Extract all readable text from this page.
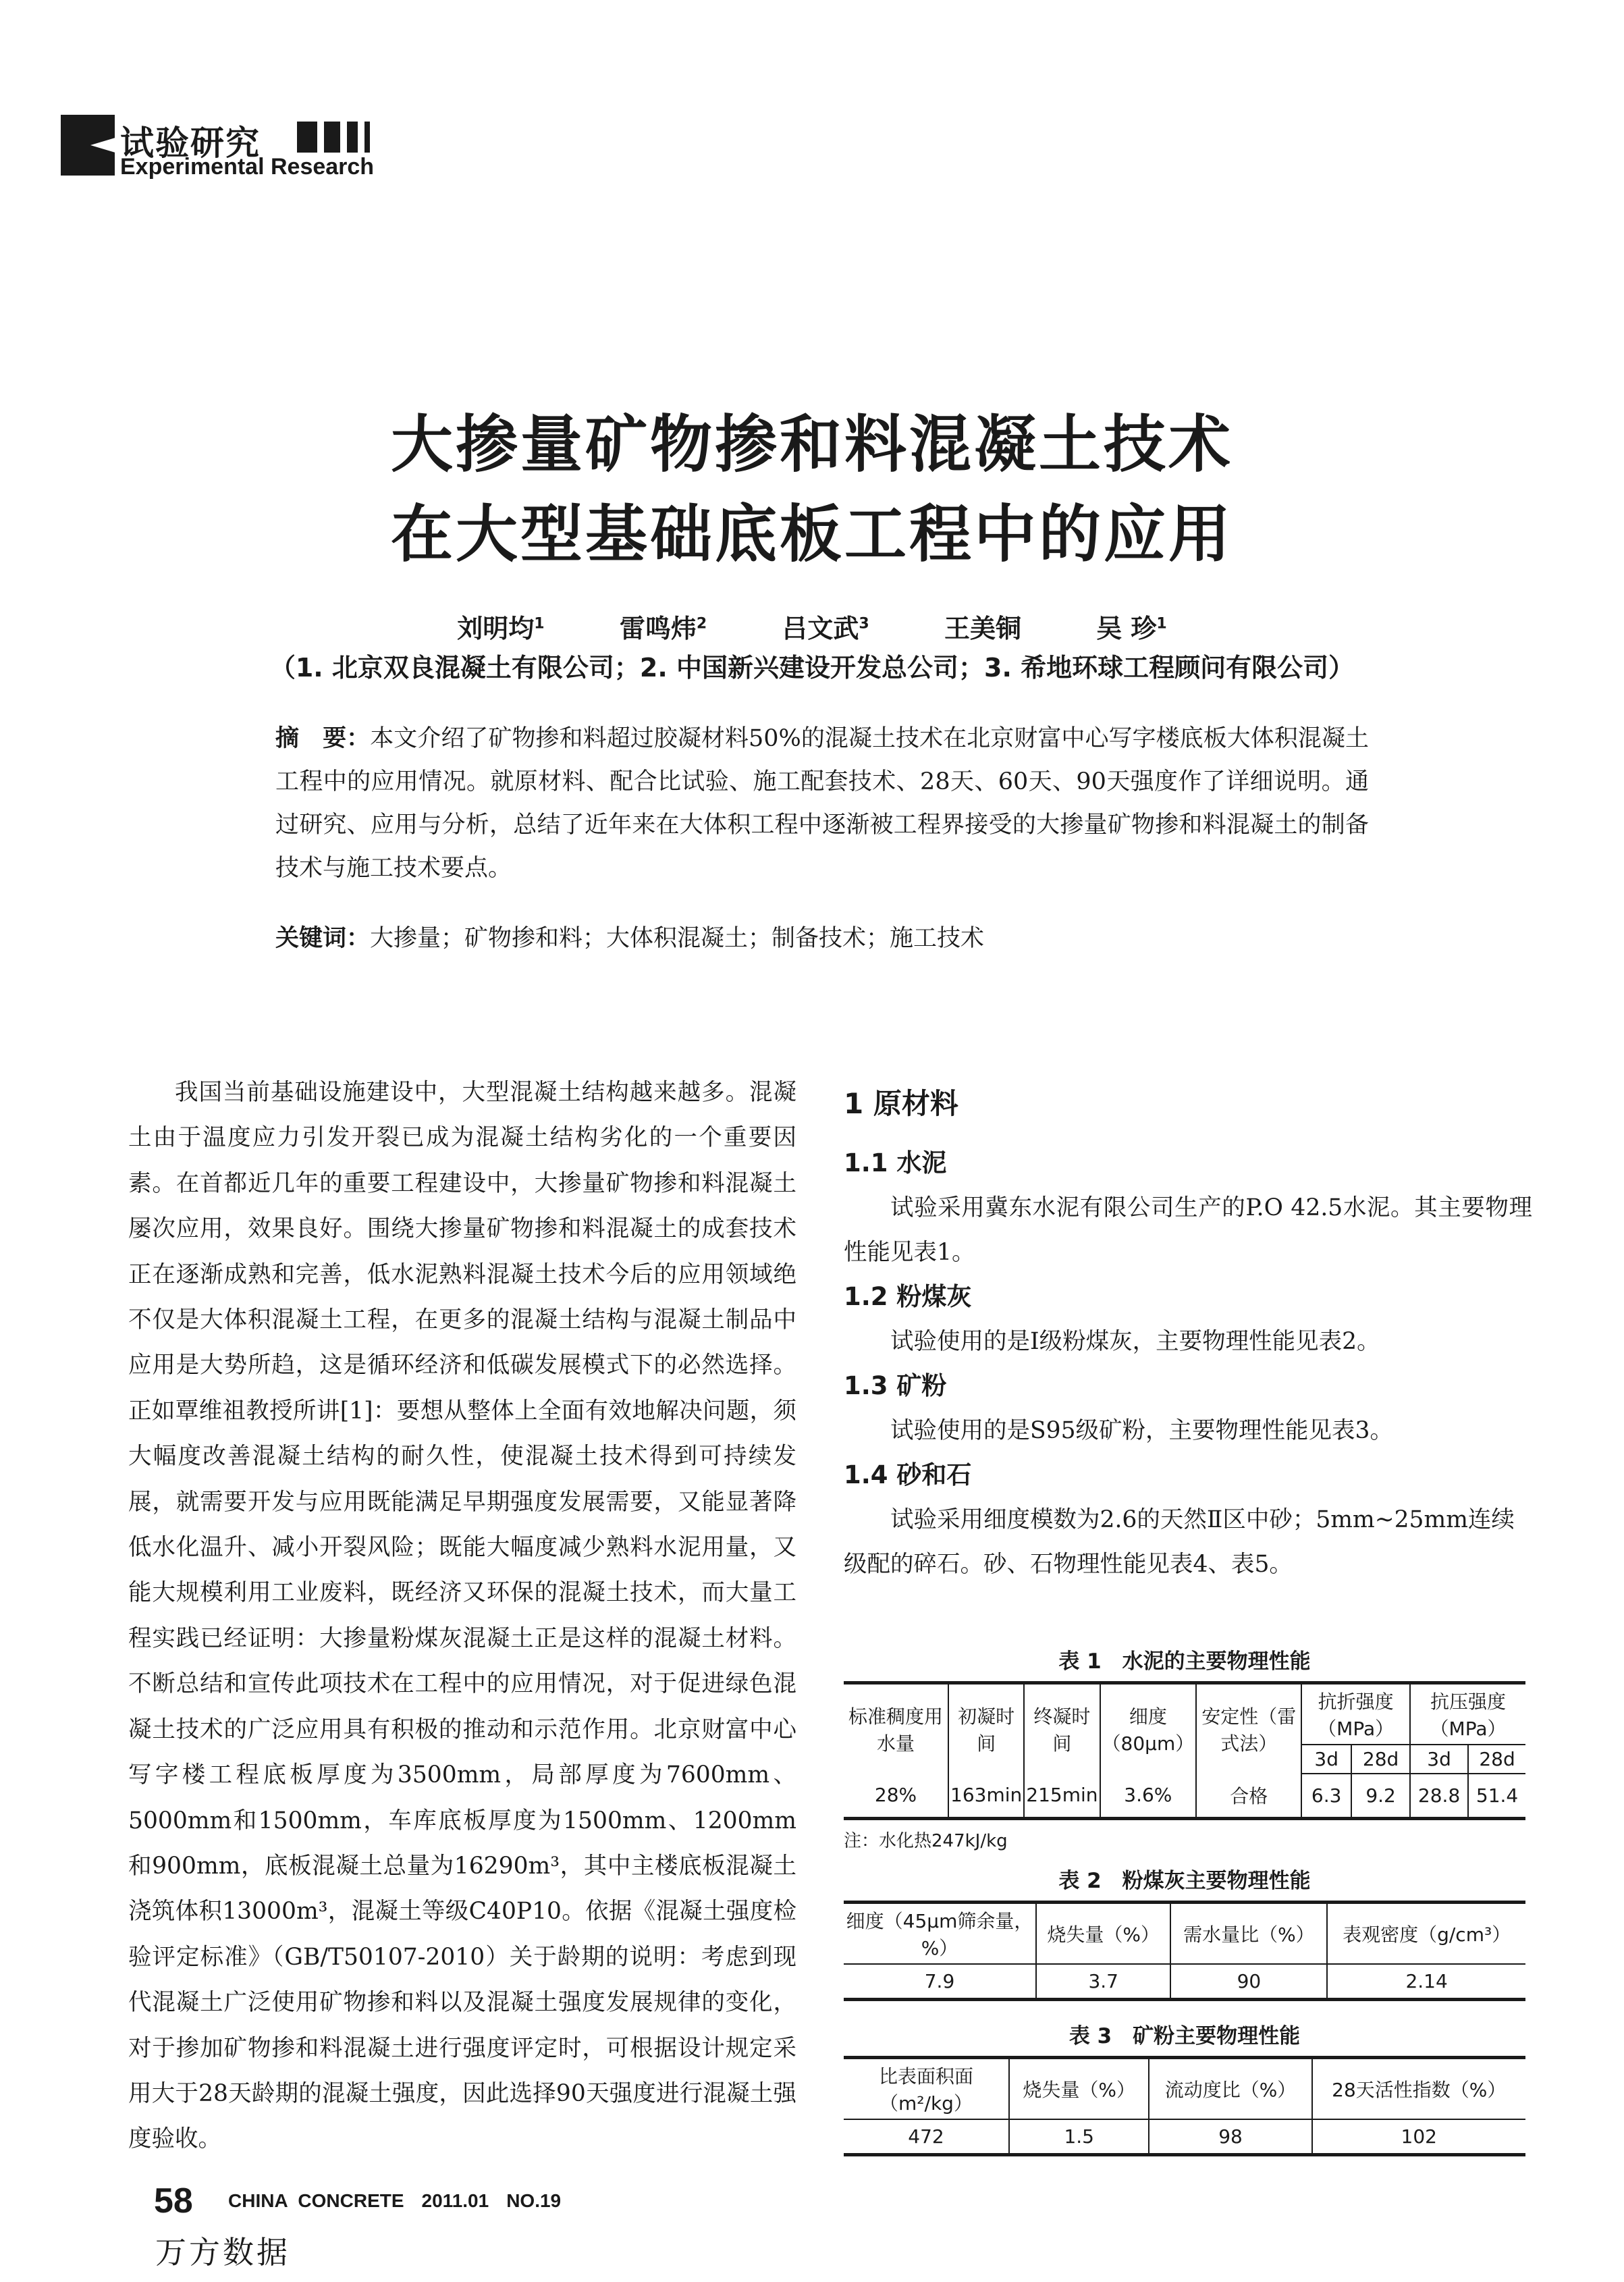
试验研究
Experimental Research
大掺量矿物掺和料混凝土技术
在大型基础底板工程中的应用
刘明均$^1$	雷鸣炜$^2$	吕文武$^3$	王美铜	吴 珍$^1$
（1. 北京双良混凝土有限公司；2. 中国新兴建设开发总公司；3. 希地环球工程顾问有限公司）
摘　要：本文介绍了矿物掺和料超过胶凝材料50%的混凝土技术在北京财富中心写字楼底板大体积混凝土工程中的应用情况。就原材料、配合比试验、施工配套技术、28天、60天、90天强度作了详细说明。通过研究、应用与分析，总结了近年来在大体积工程中逐渐被工程界接受的大掺量矿物掺和料混凝土的制备技术与施工技术要点。
关键词：大掺量；矿物掺和料；大体积混凝土；制备技术；施工技术

我国当前基础设施建设中，大型混凝土结构越来越多。混凝土由于温度应力引发开裂已成为混凝土结构劣化的一个重要因素。在首都近几年的重要工程建设中，大掺量矿物掺和料混凝土屡次应用，效果良好。围绕大掺量矿物掺和料混凝土的成套技术正在逐渐成熟和完善，低水泥熟料混凝土技术今后的应用领域绝不仅是大体积混凝土工程，在更多的混凝土结构与混凝土制品中应用是大势所趋，这是循环经济和低碳发展模式下的必然选择。正如覃维祖教授所讲[1]：要想从整体上全面有效地解决问题，须大幅度改善混凝土结构的耐久性，使混凝土技术得到可持续发展，就需要开发与应用既能满足早期强度发展需要，又能显著降低水化温升、减小开裂风险；既能大幅度减少熟料水泥用量，又能大规模利用工业废料，既经济又环保的混凝土技术，而大量工程实践已经证明：大掺量粉煤灰混凝土正是这样的混凝土材料。不断总结和宣传此项技术在工程中的应用情况，对于促进绿色混凝土技术的广泛应用具有积极的推动和示范作用。北京财富中心写字楼工程底板厚度为3500mm，局部厚度为7600mm、5000mm和1500mm，车库底板厚度为1500mm、1200mm和900mm，底板混凝土总量为16290m³，其中主楼底板混凝土浇筑体积13000m³，混凝土等级C40P10。依据《混凝土强度检验评定标准》（GB/T50107-2010）关于龄期的说明：考虑到现代混凝土广泛使用矿物掺和料以及混凝土强度发展规律的变化，对于掺加矿物掺和料混凝土进行强度评定时，可根据设计规定采用大于28天龄期的混凝土强度，因此选择90天强度进行混凝土强度验收。

1 原材料
1.1 水泥

试验采用冀东水泥有限公司生产的P.O 42.5水泥。其主要物理性能见表1。

1.2 粉煤灰

试验使用的是Ⅰ级粉煤灰，主要物理性能见表2。

1.3 矿粉

试验使用的是S95级矿粉，主要物理性能见表3。

1.4 砂和石

试验采用细度模数为2.6的天然Ⅱ区中砂；5mm~25mm连续

级配的碎石。砂、石物理性能见表4、表5。

表 1　水泥的主要物理性能
标准稠度用水量	初凝时间	终凝时间	细度（80μm）	安定性（雷式法）	抗折强度（MPa）		抗压强度（MPa）	
					3d	28d	3d	28d
28%	163min	215min	3.6%	合格	6.3	9.2	28.8	51.4
注：水化热247kJ/kg
表 2　粉煤灰主要物理性能
细度（45μm筛余量，%）	烧失量（%）	需水量比（%）	表观密度（g/cm³）
7.9	3.7	90	2.14
表 3　矿粉主要物理性能
比表面积面（m²/kg）	烧失量（%）	流动度比（%）	28天活性指数（%）
472	1.5	98	102
58 CHINA CONCRETE 2011.01 NO.19
万方数据
